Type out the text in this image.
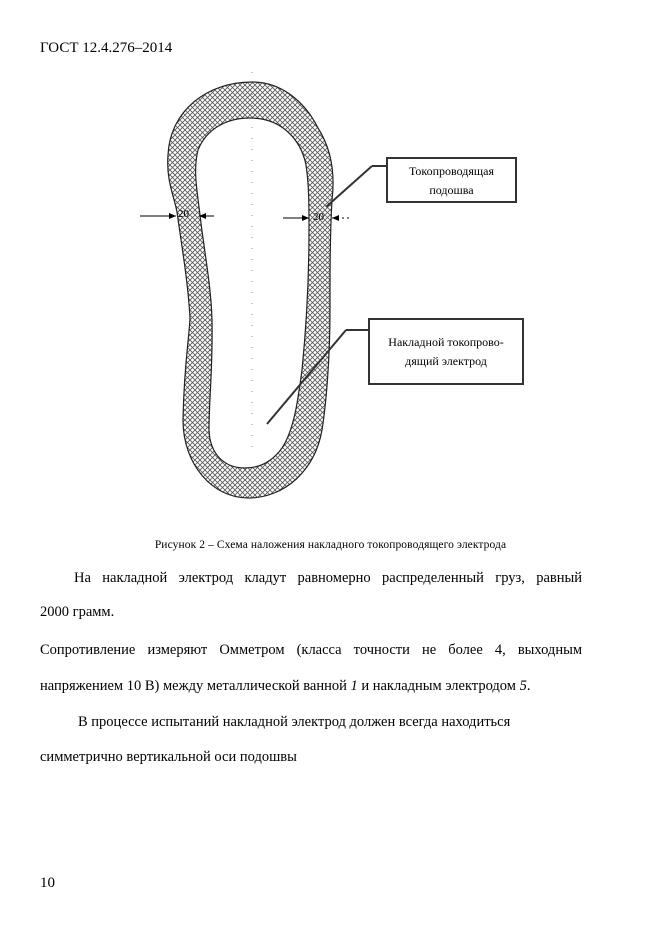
ГОСТ 12.4.276–2014
20	20
Токопроводящая
подошва
Накладной токопрово-
дящий электрод
Рисунок 2 – Схема наложения накладного токопроводящего электрода
На накладной электрод кладут равномерно распределенный груз, равный
2000 грамм.
Сопротивление измеряют Омметром (класса точности не более 4, выходным
напряжением 10 В) между металлической ванной 1 и накладным электродом 5.
В процессе испытаний накладной электрод должен всегда находиться
симметрично вертикальной оси подошвы
10
